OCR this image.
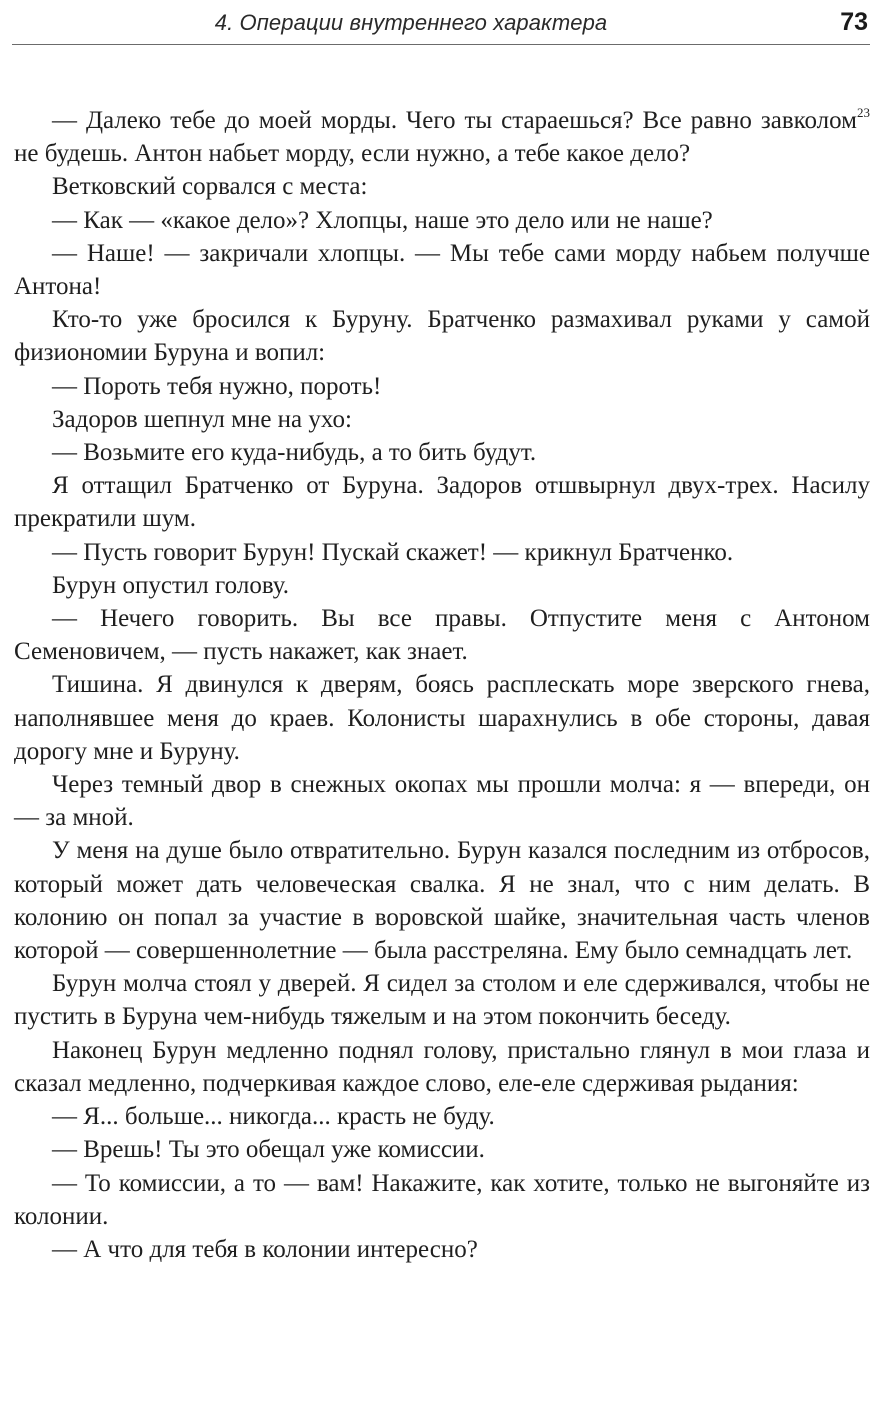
4. Операции внутреннего характера	73

— Далеко тебе до моей морды. Чего ты стараешься? Все равно завколом$^{23}$ не будешь. Антон набьет морду, если нужно, а тебе какое дело?

Ветковский сорвался с места:

— Как — «какое дело»? Хлопцы, наше это дело или не наше?

— Наше! — закричали хлопцы. — Мы тебе сами морду набьем получше Антона!

Кто-то уже бросился к Буруну. Братченко размахивал руками у самой физиономии Буруна и вопил:

— Пороть тебя нужно, пороть!

Задоров шепнул мне на ухо:

— Возьмите его куда-нибудь, а то бить будут.

Я оттащил Братченко от Буруна. Задоров отшвырнул двух-трех. Насилу прекратили шум.

— Пусть говорит Бурун! Пускай скажет! — крикнул Братченко.

Бурун опустил голову.

— Нечего говорить. Вы все правы. Отпустите меня с Антоном Семеновичем, — пусть накажет, как знает.

Тишина. Я двинулся к дверям, боясь расплескать море зверского гнева, наполнявшее меня до краев. Колонисты шарахнулись в обе стороны, давая дорогу мне и Буруну.

Через темный двор в снежных окопах мы прошли молча: я — впереди, он — за мной.

У меня на душе было отвратительно. Бурун казался последним из отбросов, который может дать человеческая свалка. Я не знал, что с ним делать. В колонию он попал за участие в воровской шайке, значительная часть членов которой — совершеннолетние — была расстреляна. Ему было семнадцать лет.

Бурун молча стоял у дверей. Я сидел за столом и еле сдерживался, чтобы не пустить в Буруна чем-нибудь тяжелым и на этом покончить беседу.

Наконец Бурун медленно поднял голову, пристально глянул в мои глаза и сказал медленно, подчеркивая каждое слово, еле-еле сдерживая рыдания:

— Я... больше... никогда... красть не буду.

— Врешь! Ты это обещал уже комиссии.

— То комиссии, а то — вам! Накажите, как хотите, только не выгоняйте из колонии.

— А что для тебя в колонии интересно?
